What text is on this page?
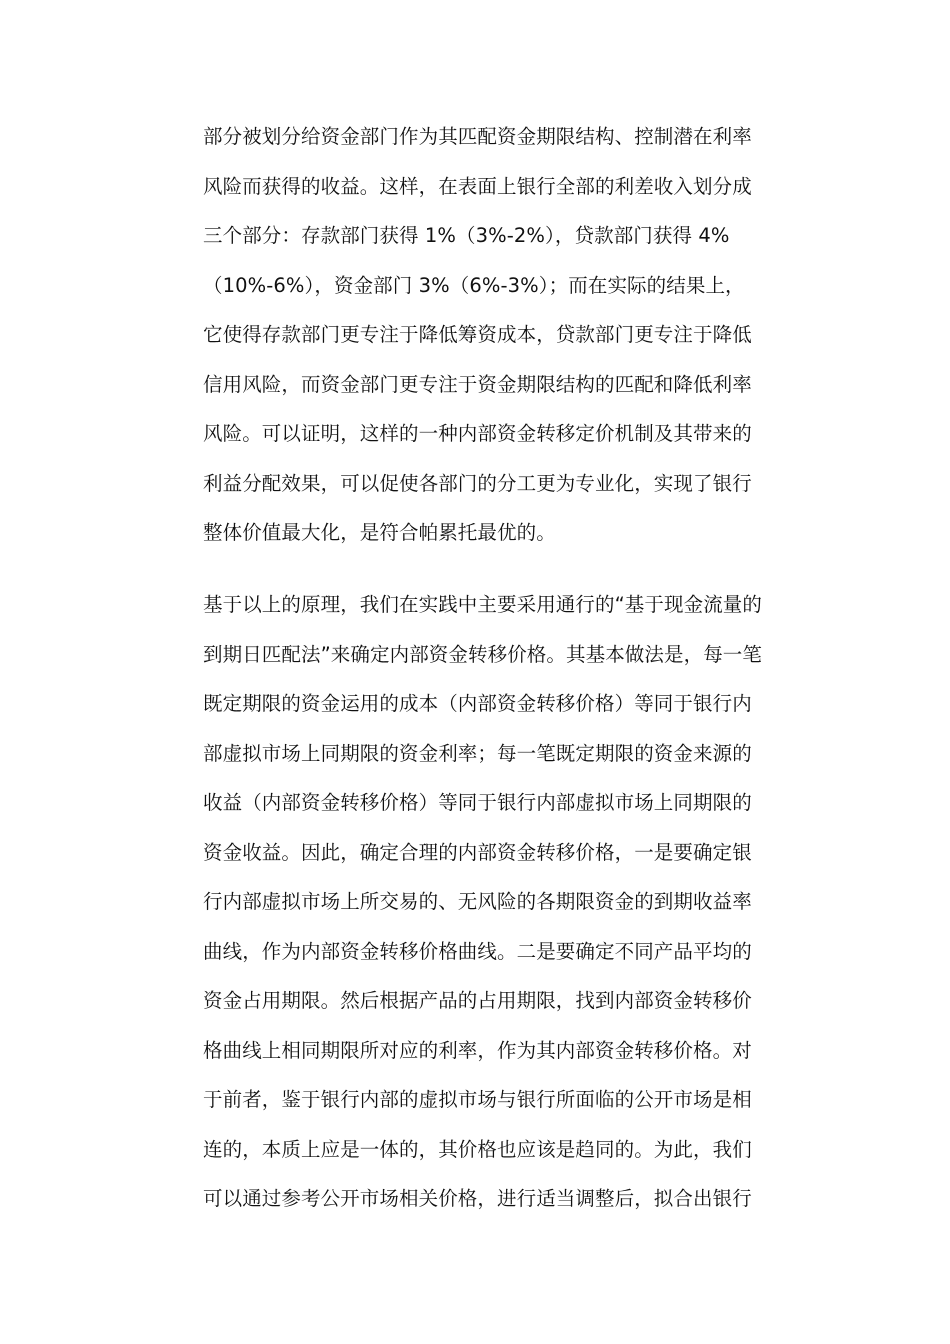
部分被划分给资金部门作为其匹配资金期限结构、控制潜在利率
风险而获得的收益。这样，在表面上银行全部的利差收入划分成
三个部分：存款部门获得 1%（3%-2%），贷款部门获得 4%
（10%-6%），资金部门 3%（6%-3%）；而在实际的结果上，
它使得存款部门更专注于降低筹资成本，贷款部门更专注于降低
信用风险，而资金部门更专注于资金期限结构的匹配和降低利率
风险。可以证明，这样的一种内部资金转移定价机制及其带来的
利益分配效果，可以促使各部门的分工更为专业化，实现了银行
整体价值最大化，是符合帕累托最优的。
基于以上的原理，我们在实践中主要采用通行的“基于现金流量的
到期日匹配法”来确定内部资金转移价格。其基本做法是，每一笔
既定期限的资金运用的成本（内部资金转移价格）等同于银行内
部虚拟市场上同期限的资金利率；每一笔既定期限的资金来源的
收益（内部资金转移价格）等同于银行内部虚拟市场上同期限的
资金收益。因此，确定合理的内部资金转移价格，一是要确定银
行内部虚拟市场上所交易的、无风险的各期限资金的到期收益率
曲线，作为内部资金转移价格曲线。二是要确定不同产品平均的
资金占用期限。然后根据产品的占用期限，找到内部资金转移价
格曲线上相同期限所对应的利率，作为其内部资金转移价格。对
于前者，鉴于银行内部的虚拟市场与银行所面临的公开市场是相
连的，本质上应是一体的，其价格也应该是趋同的。为此，我们
可以通过参考公开市场相关价格，进行适当调整后，拟合出银行
